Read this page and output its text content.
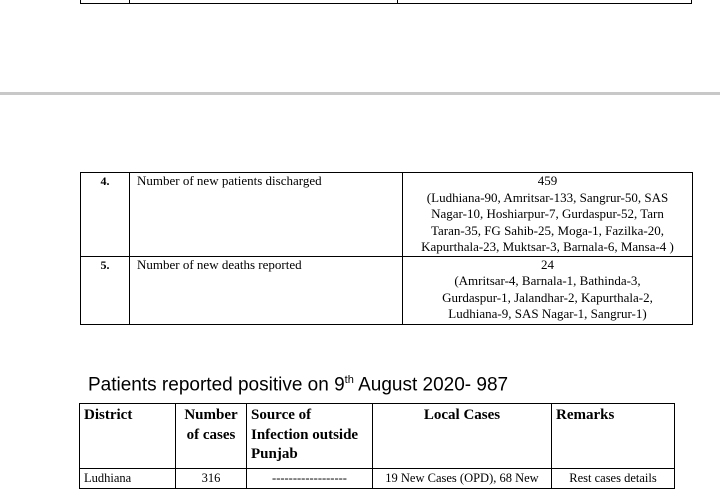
4.	Number of new patients discharged	459
(Ludhiana-90, Amritsar-133, Sangrur-50, SAS Nagar-10, Hoshiarpur-7, Gurdaspur-52, Tarn Taran-35, FG Sahib-25, Moga-1, Fazilka-20, Kapurthala-23, Muktsar-3, Barnala-6, Mansa-4 )

5.	Number of new deaths reported	24
(Amritsar-4, Barnala-1, Bathinda-3, Gurdaspur-1, Jalandhar-2, Kapurthala-2, Ludhiana-9, SAS Nagar-1, Sangrur-1)
Patients reported positive on 9th August 2020- 987
District	Number of cases	Source of Infection outside Punjab	Local Cases	Remarks
Ludhiana	316	------------------	19 New Cases (OPD), 68 New	Rest cases details
